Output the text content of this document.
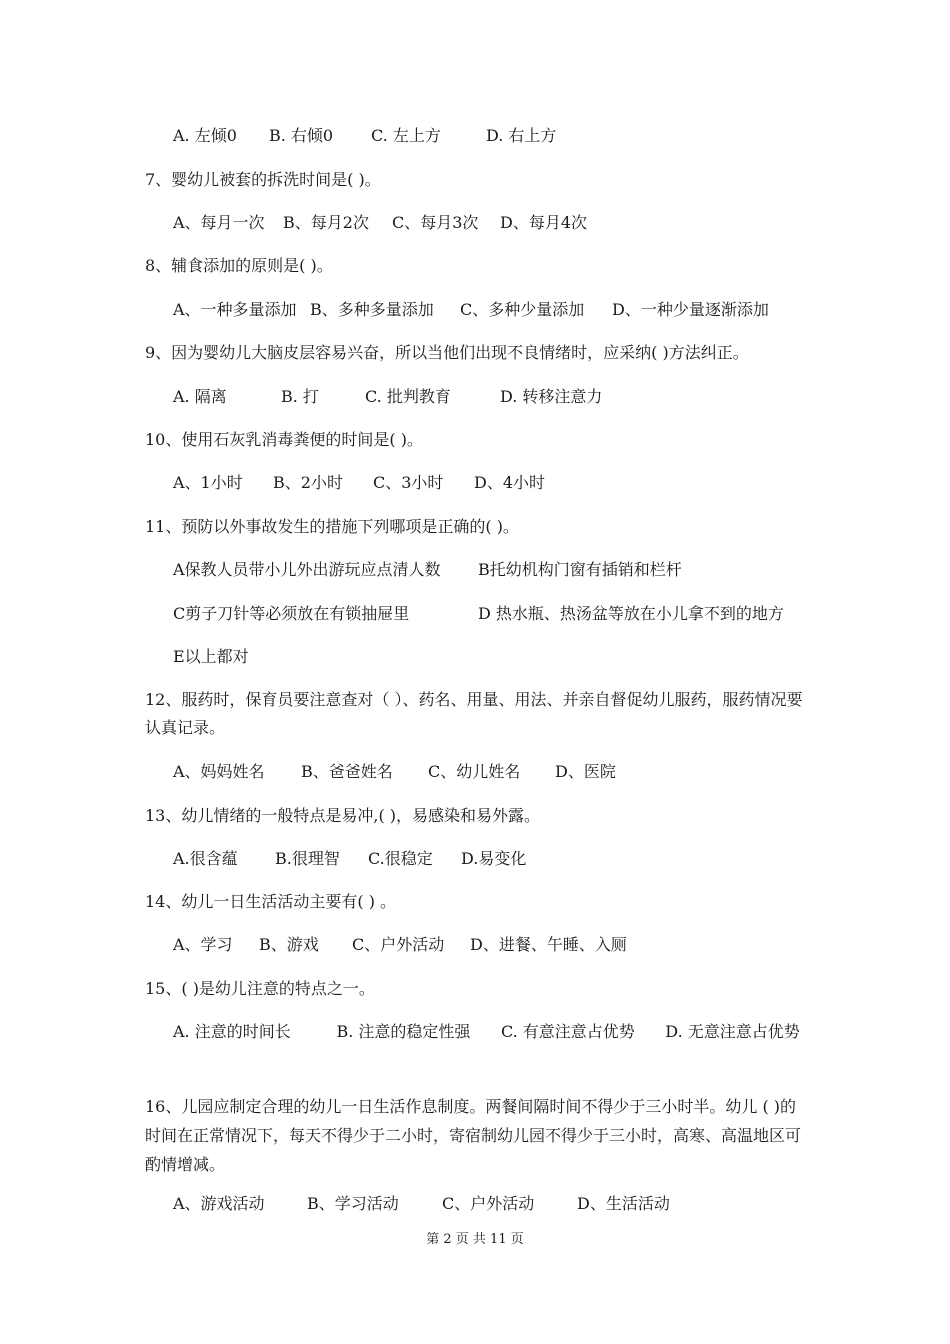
A. 左倾0 B. 右倾0 C. 左上方	D. 右上方
7、婴幼儿被套的拆洗时间是( )。
A、每月一次 B、每月2次 C、每月3次 D、每月4次
8、辅食添加的原则是( )。
A、一种多量添加 B、多种多量添加 C、多种少量添加 D、一种少量逐渐添加
9、因为婴幼儿大脑皮层容易兴奋，所以当他们出现不良情绪时，应采纳( )方法纠正。
A. 隔离	B. 打	C. 批判教育	D. 转移注意力
10、使用石灰乳消毒粪便的时间是( )。
A、1小时 B、2小时 C、3小时 D、4小时
11、预防以外事故发生的措施下列哪项是正确的( )。
A保教人员带小儿外出游玩应点清人数 B托幼机构门窗有插销和栏杆
C剪子刀针等必须放在有锁抽屉里	D 热水瓶、热汤盆等放在小儿拿不到的地方
E以上都对
12、服药时，保育员要注意查对（ ）、药名、用量、用法、并亲自督促幼儿服药，服药情况要认真记录。
A、妈妈姓名 B、爸爸姓名 C、幼儿姓名 D、医院
13、幼儿情绪的一般特点是易冲,( )，易感染和易外露。
A.很含蕴 B.很理智 C.很稳定 D.易变化
14、幼儿一日生活活动主要有( ) 。
A、学习 B、游戏 C、户外活动 D、进餐、午睡、入厕
15、( )是幼儿注意的特点之一。
A. 注意的时间长         B. 注意的稳定性强      C. 有意注意占优势      D. 无意注意占优势
16、儿园应制定合理的幼儿一日生活作息制度。两餐间隔时间不得少于三小时半。幼儿 ( )的时间在正常情况下，每天不得少于二小时，寄宿制幼儿园不得少于三小时，高寒、高温地区可酌情增减。
A、游戏活动	B、学习活动	C、户外活动	D、生活活动
第 2 页 共 11 页
